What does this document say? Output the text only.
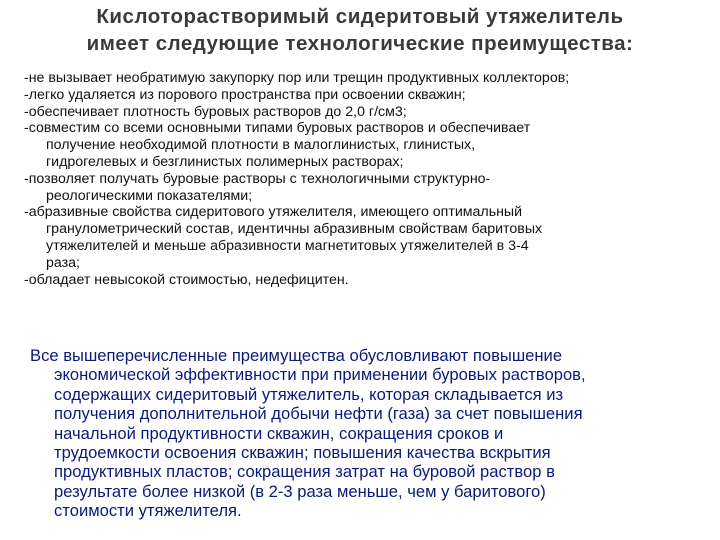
Кислоторастворимый сидеритовый утяжелитель
имеет следующие технологические преимущества:
-не вызывает необратимую закупорку пор или трещин продуктивных коллекторов;
-легко удаляется из порового пространства при освоении скважин;
-обеспечивает плотность буровых растворов до 2,0 г/см3;
-совместим со всеми основными типами буровых растворов и обеспечивает
получение необходимой плотности в малоглинистых, глинистых,
гидрогелевых и безглинистых полимерных растворах;
-позволяет получать буровые растворы с технологичными структурно-
реологическими показателями;
-абразивные свойства сидеритового утяжелителя, имеющего оптимальный
гранулометрический состав, идентичны абразивным свойствам баритовых
утяжелителей и меньше абразивности магнетитовых утяжелителей в 3-4
раза;
-обладает невысокой стоимостью, недефицитен.
Все вышеперечисленные преимущества обусловливают повышение
экономической эффективности при применении буровых растворов,
содержащих сидеритовый утяжелитель, которая складывается из
получения дополнительной добычи нефти (газа) за счет повышения
начальной продуктивности скважин, сокращения сроков и
трудоемкости освоения скважин; повышения качества вскрытия
продуктивных пластов; сокращения затрат на буровой раствор в
результате более низкой (в 2-3 раза меньше, чем у баритового)
стоимости утяжелителя.
